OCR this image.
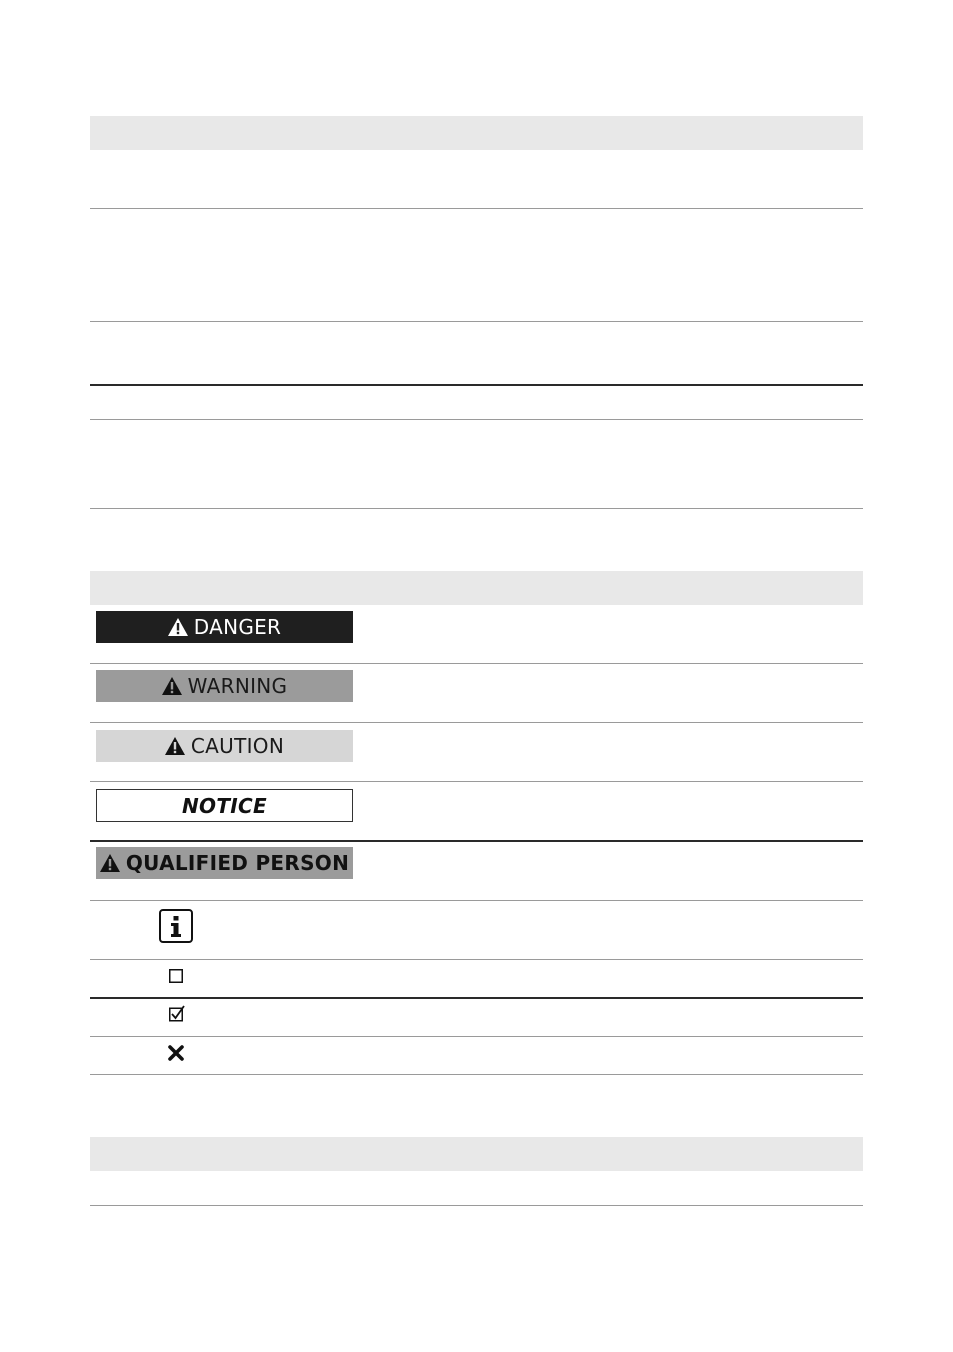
DANGER
WARNING
CAUTION
NOTICE
QUALIFIED PERSON
